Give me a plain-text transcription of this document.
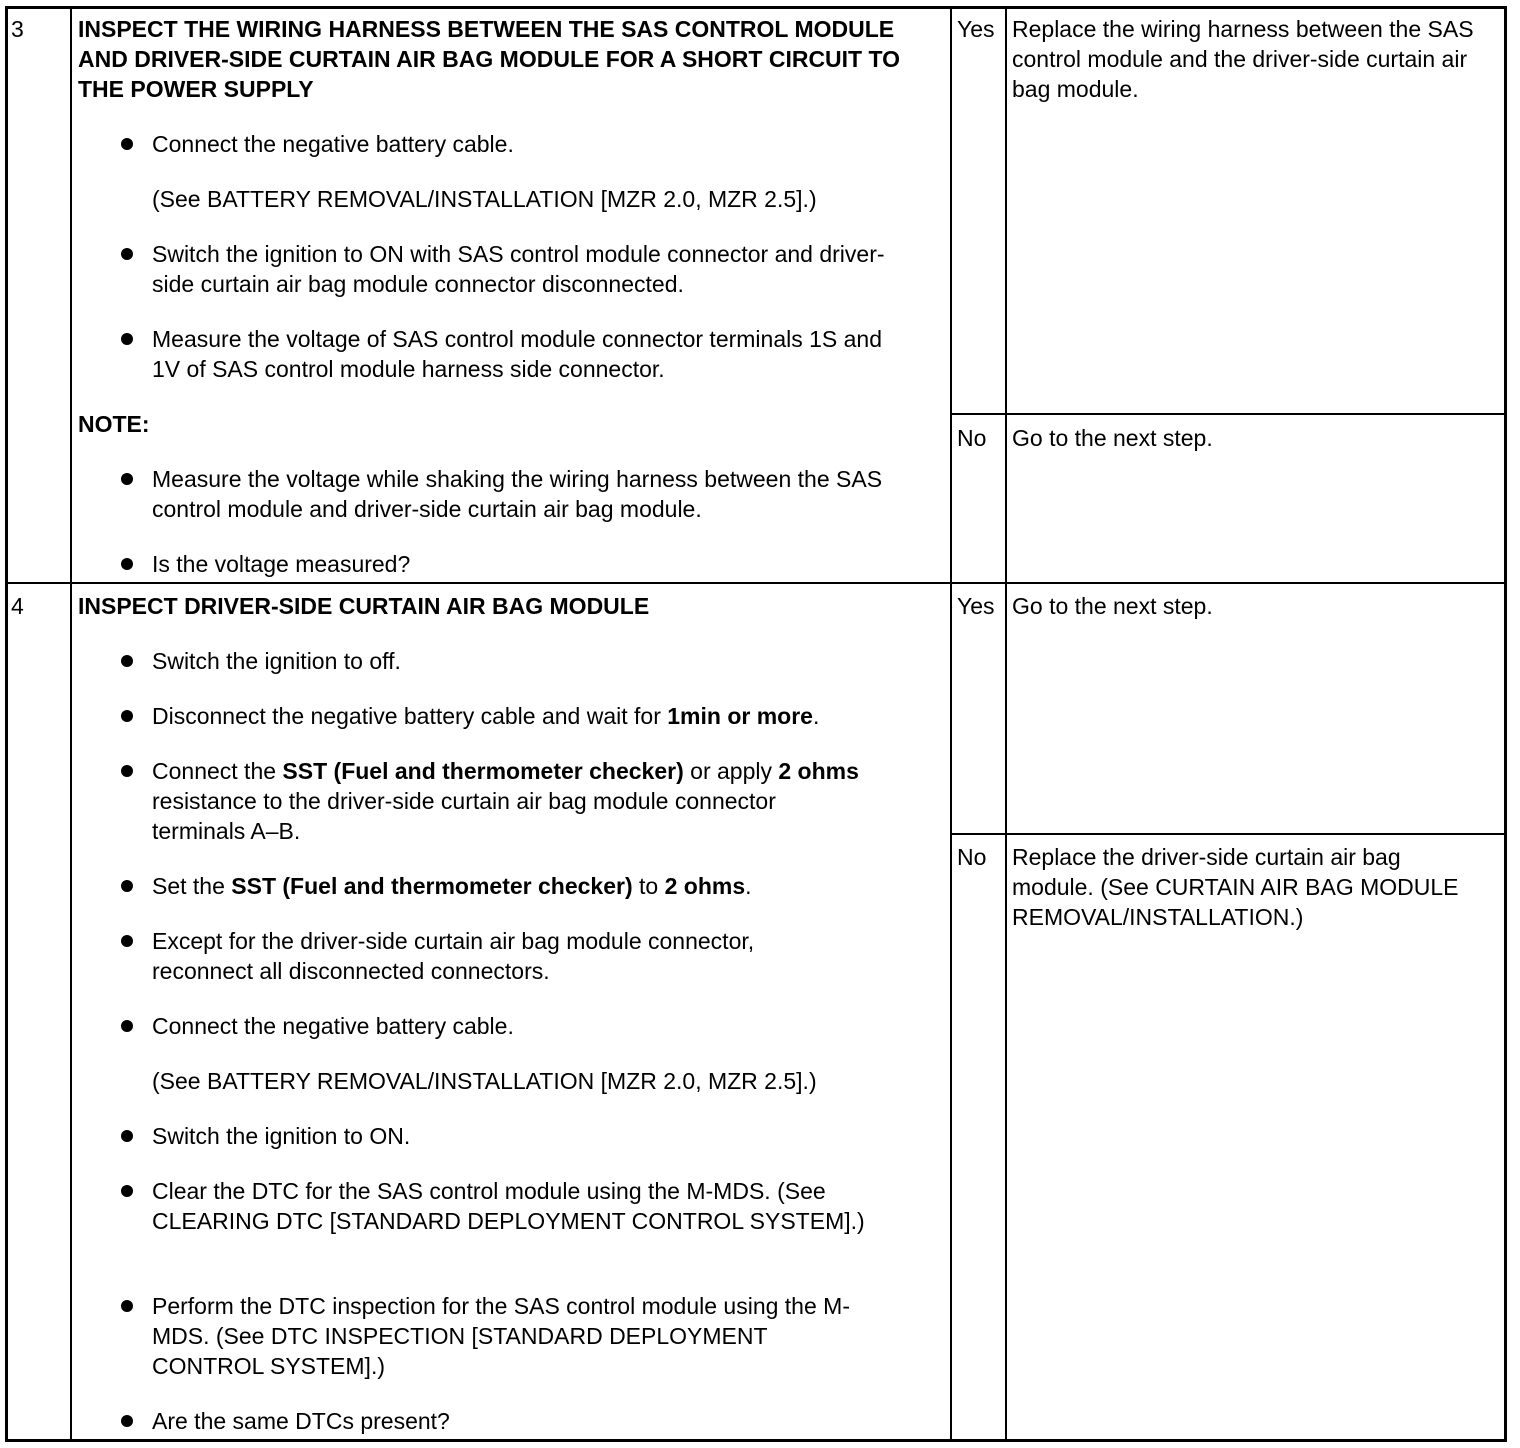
3 INSPECT THE WIRING HARNESS BETWEEN THE SAS CONTROL MODULE AND DRIVER-SIDE CURTAIN AIR BAG MODULE FOR A SHORT CIRCUIT TO THE POWER SUPPLY
Connect the negative battery cable.
(See BATTERY REMOVAL/INSTALLATION [MZR 2.0, MZR 2.5].)
Switch the ignition to ON with SAS control module connector and driver-side curtain air bag module connector disconnected.
Measure the voltage of SAS control module connector terminals 1S and 1V of SAS control module harness side connector.
NOTE:
Measure the voltage while shaking the wiring harness between the SAS control module and driver-side curtain air bag module.
Is the voltage measured?
Yes Replace the wiring harness between the SAS control module and the driver-side curtain air bag module.
No Go to the next step.
4 INSPECT DRIVER-SIDE CURTAIN AIR BAG MODULE
Switch the ignition to off.
Disconnect the negative battery cable and wait for 1min or more.
Connect the SST (Fuel and thermometer checker) or apply 2 ohms
resistance to the driver-side curtain air bag module connector terminals A–B.
Set the SST (Fuel and thermometer checker) to 2 ohms.
Except for the driver-side curtain air bag module connector, reconnect all disconnected connectors.
Connect the negative battery cable.
(See BATTERY REMOVAL/INSTALLATION [MZR 2.0, MZR 2.5].)
Switch the ignition to ON.
Clear the DTC for the SAS control module using the M-MDS. (See CLEARING DTC [STANDARD DEPLOYMENT CONTROL SYSTEM].)
Perform the DTC inspection for the SAS control module using the M-MDS. (See DTC INSPECTION [STANDARD DEPLOYMENT CONTROL SYSTEM].)
Are the same DTCs present?
Yes Go to the next step.
No Replace the driver-side curtain air bag module. (See CURTAIN AIR BAG MODULE REMOVAL/INSTALLATION.)
